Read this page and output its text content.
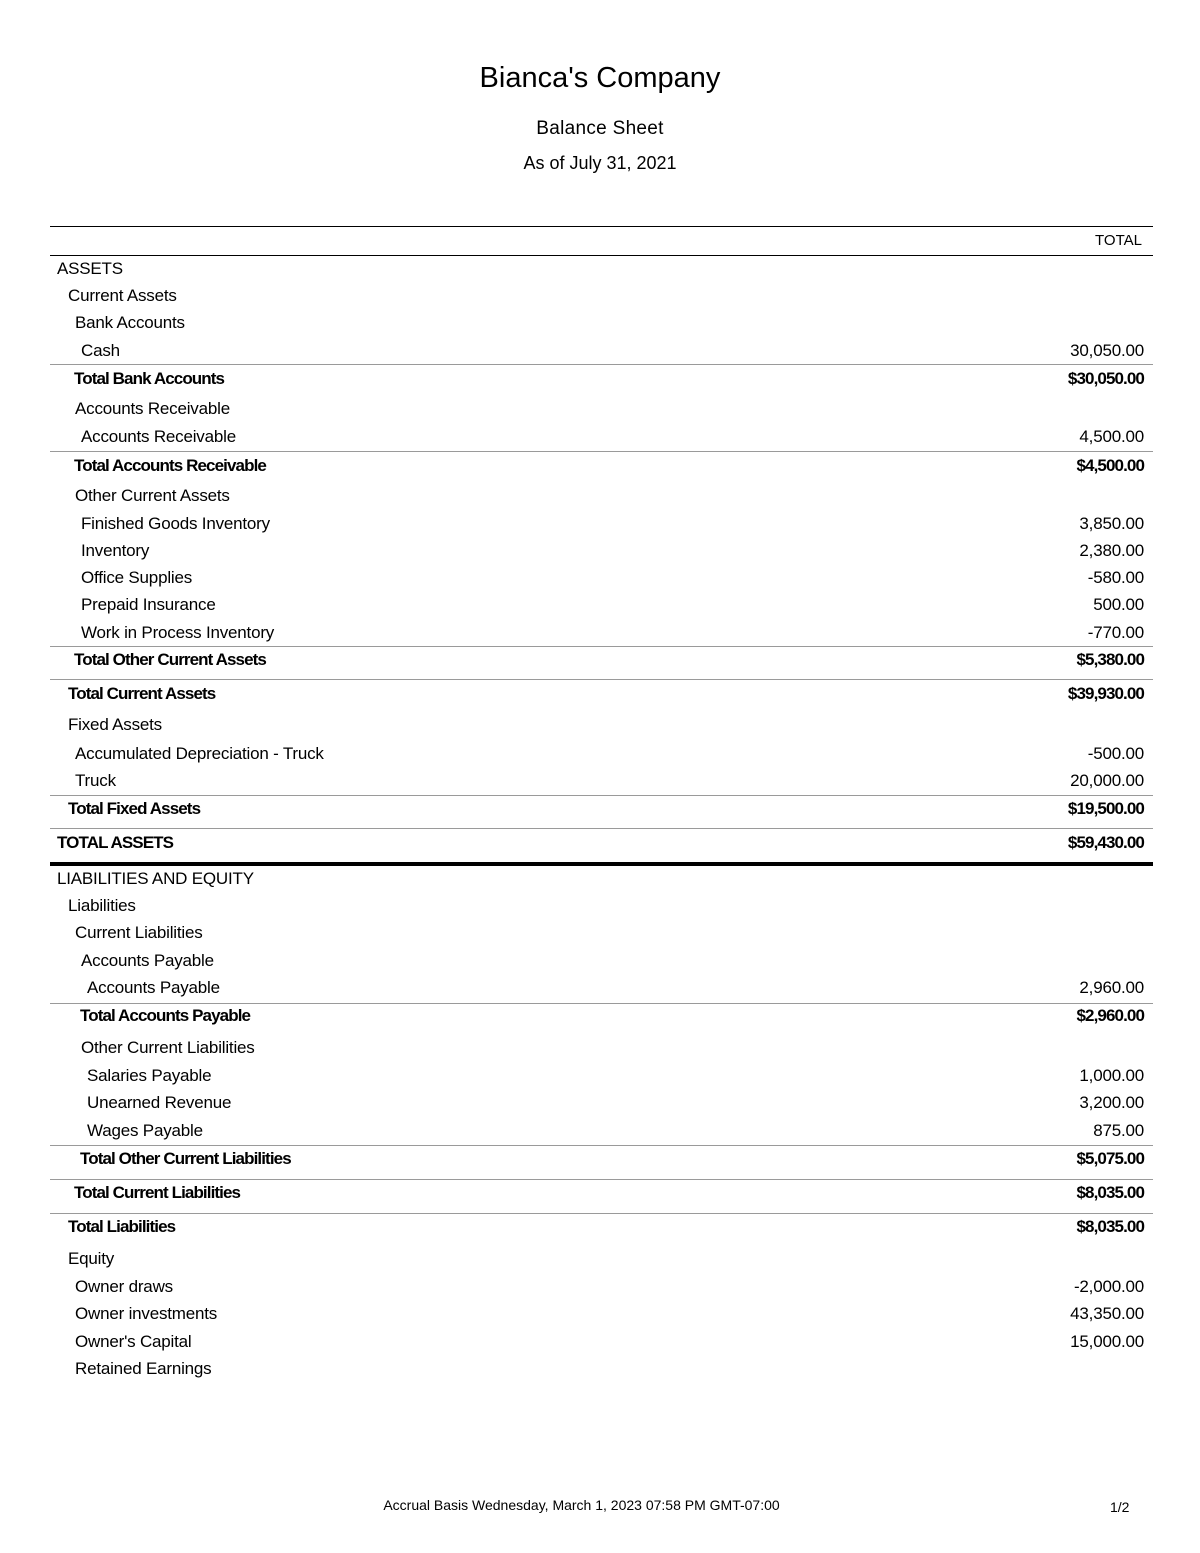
Bianca's Company
Balance Sheet
As of July 31, 2021
TOTAL
ASSETS
Current Assets
Bank Accounts
Cash	30,050.00
Total Bank Accounts	$30,050.00
Accounts Receivable
Accounts Receivable	4,500.00
Total Accounts Receivable	$4,500.00
Other Current Assets
Finished Goods Inventory	3,850.00
Inventory	2,380.00
Office Supplies	-580.00
Prepaid Insurance	500.00
Work in Process Inventory	-770.00
Total Other Current Assets	$5,380.00
Total Current Assets	$39,930.00
Fixed Assets
Accumulated Depreciation - Truck	-500.00
Truck	20,000.00
Total Fixed Assets	$19,500.00
TOTAL ASSETS	$59,430.00
LIABILITIES AND EQUITY
Liabilities
Current Liabilities
Accounts Payable
Accounts Payable	2,960.00
Total Accounts Payable	$2,960.00
Other Current Liabilities
Salaries Payable	1,000.00
Unearned Revenue	3,200.00
Wages Payable	875.00
Total Other Current Liabilities	$5,075.00
Total Current Liabilities	$8,035.00
Total Liabilities	$8,035.00
Equity
Owner draws	-2,000.00
Owner investments	43,350.00
Owner's Capital	15,000.00
Retained Earnings
Accrual Basis Wednesday, March 1, 2023 07:58 PM GMT-07:00	1/2
